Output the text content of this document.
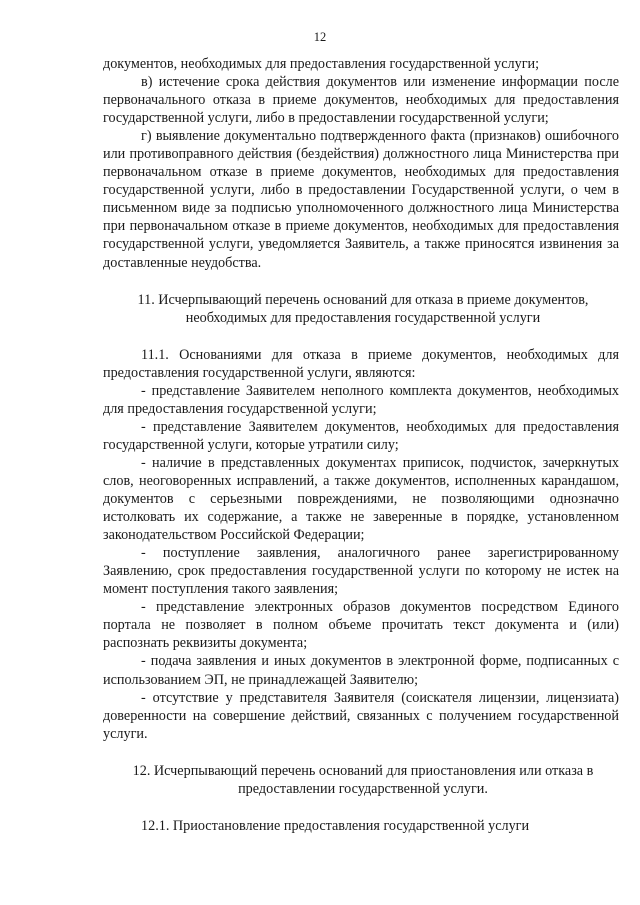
12

документов, необходимых для предоставления государственной услуги;

в) истечение срока действия документов или изменение информации после первоначального отказа в приеме документов, необходимых для предоставления государственной услуги, либо в предоставлении государственной услуги;

г) выявление документально подтвержденного факта (признаков) ошибочного или противоправного действия (бездействия) должностного лица Министерства при первоначальном отказе в приеме документов, необходимых для предоставления государственной услуги, либо в предоставлении Государственной услуги, о чем в письменном виде за подписью уполномоченного должностного лица Министерства при первоначальном отказе в приеме документов, необходимых для предоставления государственной услуги, уведомляется Заявитель, а также приносятся извинения за доставленные неудобства.

11. Исчерпывающий перечень оснований для отказа в приеме документов, необходимых для предоставления государственной услуги

11.1. Основаниями для отказа в приеме документов, необходимых для предоставления государственной услуги, являются:

- представление Заявителем неполного комплекта документов, необходимых для предоставления государственной услуги;

- представление Заявителем документов, необходимых для предоставления государственной услуги, которые утратили силу;

- наличие в представленных документах приписок, подчисток, зачеркнутых слов, неоговоренных исправлений, а также документов, исполненных карандашом, документов с серьезными повреждениями, не позволяющими однозначно истолковать их содержание, а также не заверенные в порядке, установленном законодательством Российской Федерации;

- поступление заявления, аналогичного ранее зарегистрированному Заявлению, срок предоставления государственной услуги по которому не истек на момент поступления такого заявления;

- представление электронных образов документов посредством Единого портала не позволяет в полном объеме прочитать текст документа и (или) распознать реквизиты документа;

- подача заявления и иных документов в электронной форме, подписанных с использованием ЭП, не принадлежащей Заявителю;

- отсутствие у представителя Заявителя (соискателя лицензии, лицензиата) доверенности на совершение действий, связанных с получением государственной услуги.

12. Исчерпывающий перечень оснований для приостановления или отказа в предоставлении государственной услуги.

12.1. Приостановление предоставления государственной услуги
